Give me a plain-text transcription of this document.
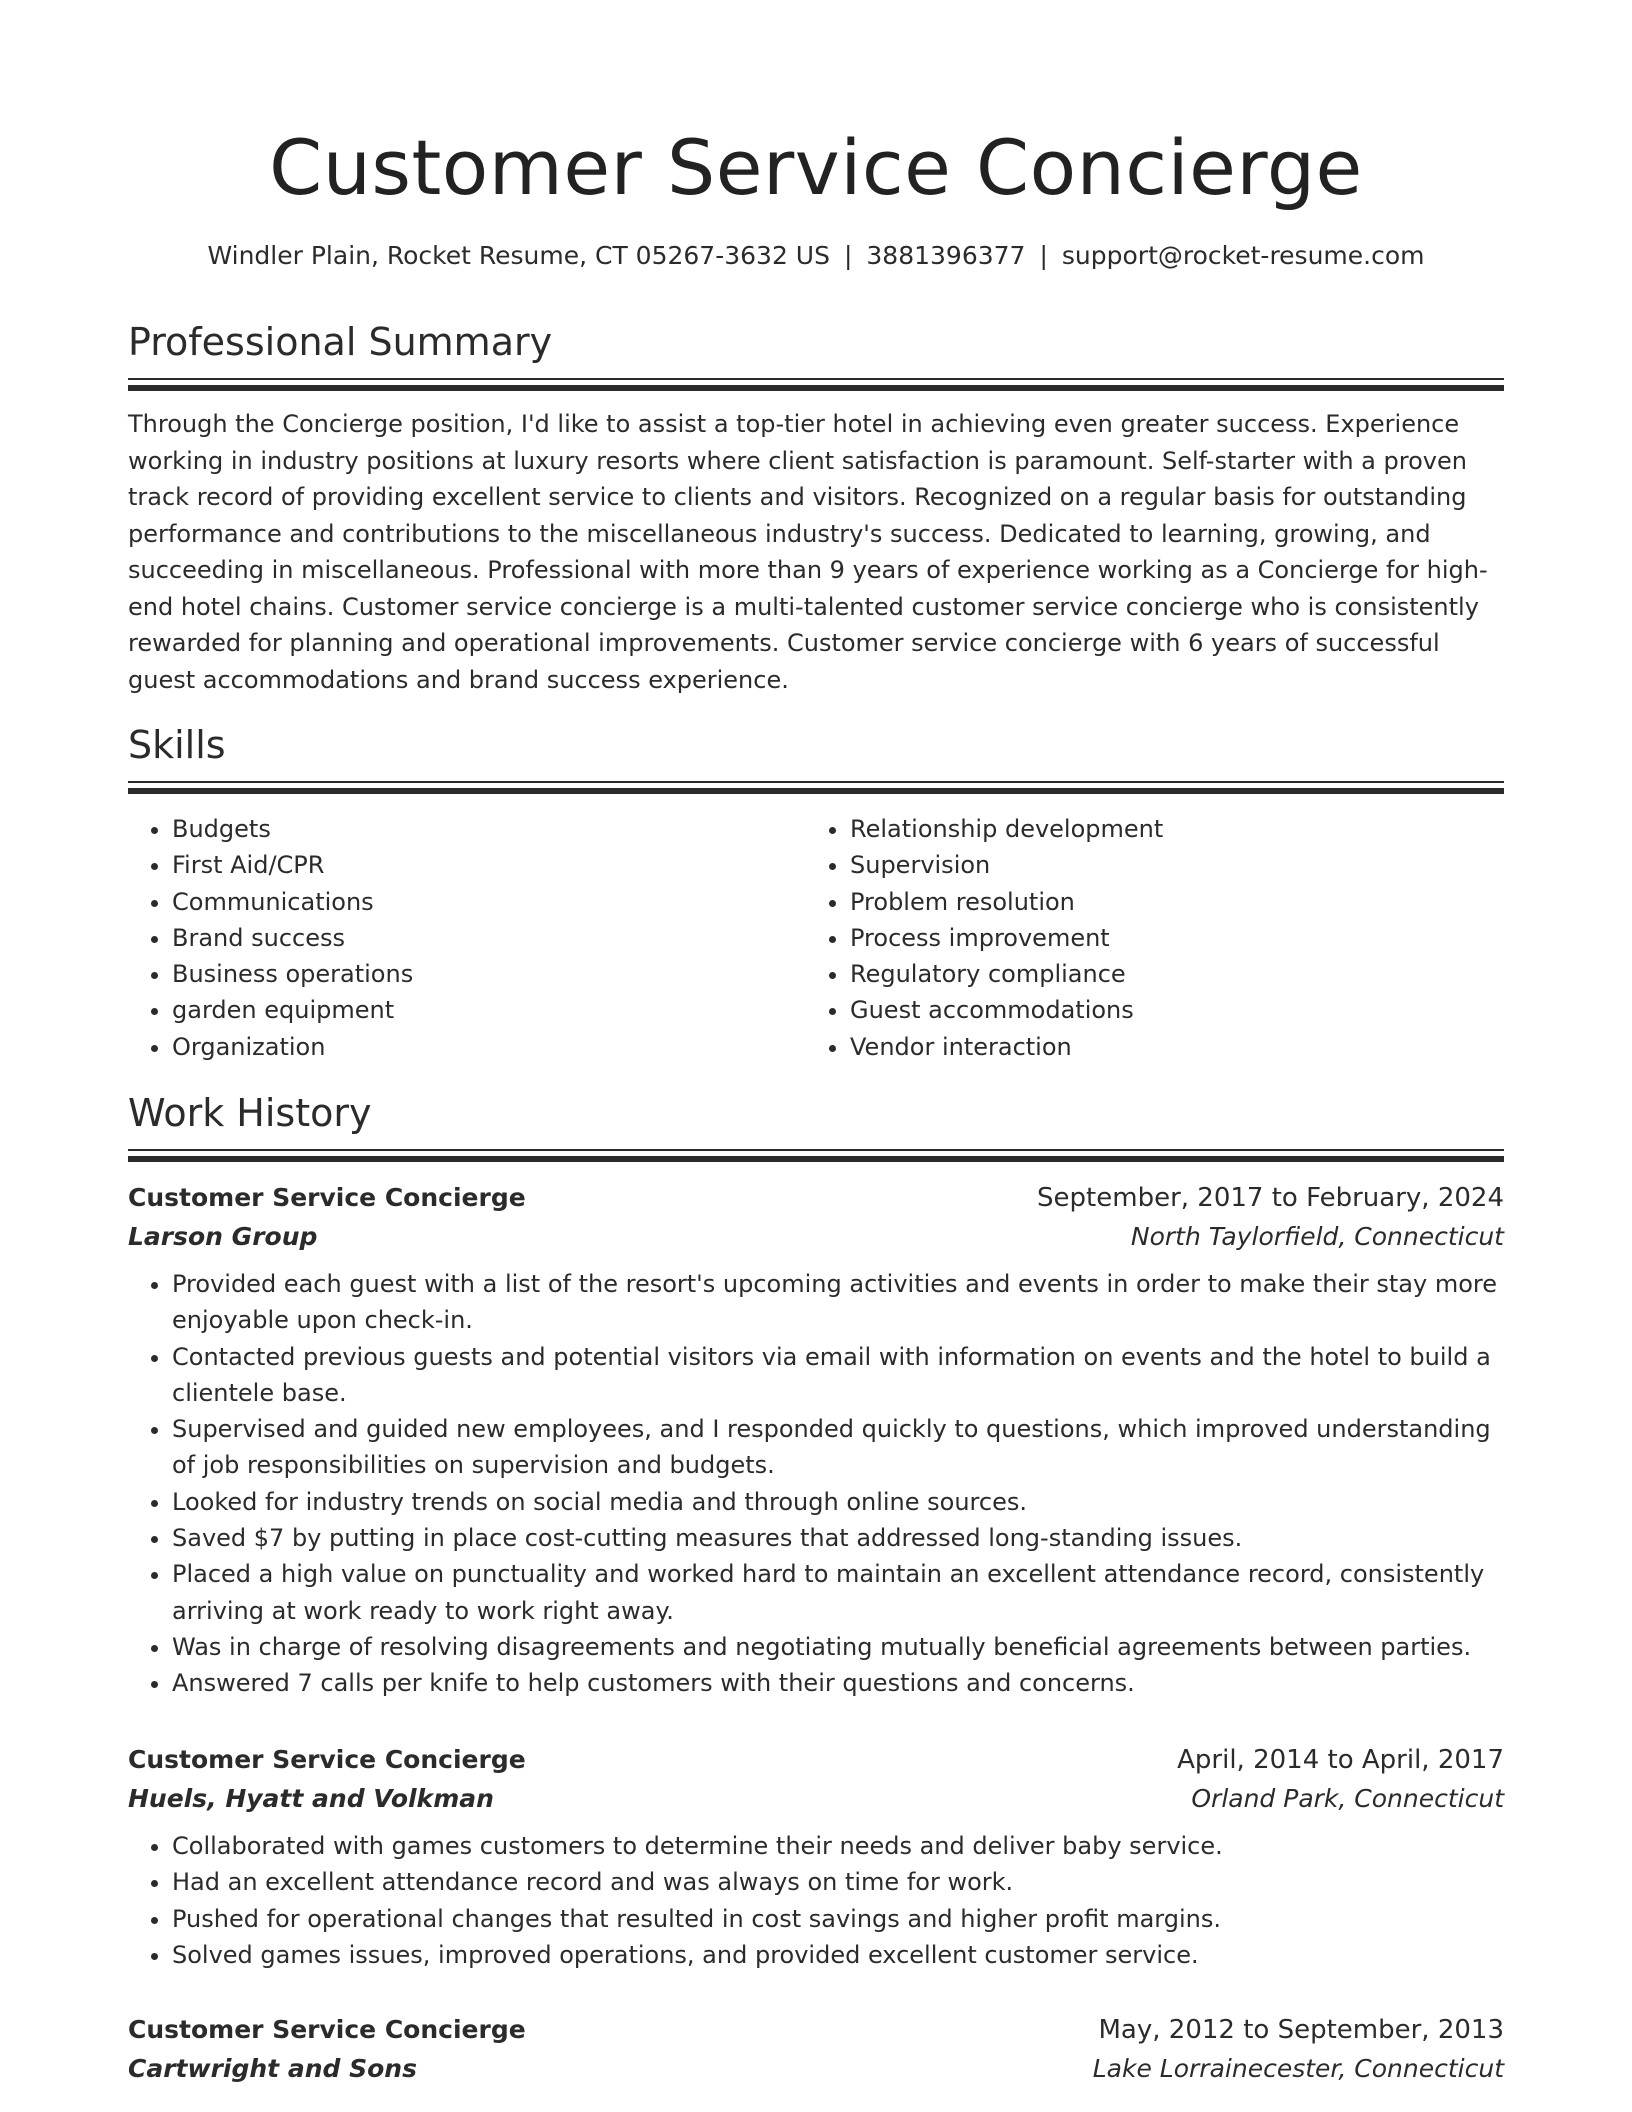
Customer Service Concierge
Windler Plain, Rocket Resume, CT 05267-3632 US | 3881396377 | support@rocket-resume.com
Professional Summary

Through the Concierge position, I'd like to assist a top-tier hotel in achieving even greater success. Experience working in industry positions at luxury resorts where client satisfaction is paramount. Self-starter with a proven track record of providing excellent service to clients and visitors. Recognized on a regular basis for outstanding performance and contributions to the miscellaneous industry's success. Dedicated to learning, growing, and succeeding in miscellaneous. Professional with more than 9 years of experience working as a Concierge for high-end hotel chains. Customer service concierge is a multi-talented customer service concierge who is consistently rewarded for planning and operational improvements. Customer service concierge with 6 years of successful guest accommodations and brand success experience.

Skills
• Budgets
• First Aid/CPR
• Communications
• Brand success
• Business operations
• garden equipment
• Organization
• Relationship development
• Supervision
• Problem resolution
• Process improvement
• Regulatory compliance
• Guest accommodations
• Vendor interaction
Work History
Customer Service Concierge	September, 2017 to February, 2024
Larson Group	North Taylorfield, Connecticut
• Provided each guest with a list of the resort's upcoming activities and events in order to make their stay more enjoyable upon check-in.
• Contacted previous guests and potential visitors via email with information on events and the hotel to build a clientele base.
• Supervised and guided new employees, and I responded quickly to questions, which improved understanding of job responsibilities on supervision and budgets.
• Looked for industry trends on social media and through online sources.
• Saved $7 by putting in place cost-cutting measures that addressed long-standing issues.
• Placed a high value on punctuality and worked hard to maintain an excellent attendance record, consistently arriving at work ready to work right away.
• Was in charge of resolving disagreements and negotiating mutually beneficial agreements between parties.
• Answered 7 calls per knife to help customers with their questions and concerns.
Customer Service Concierge	April, 2014 to April, 2017
Huels, Hyatt and Volkman	Orland Park, Connecticut
• Collaborated with games customers to determine their needs and deliver baby service.
• Had an excellent attendance record and was always on time for work.
• Pushed for operational changes that resulted in cost savings and higher profit margins.
• Solved games issues, improved operations, and provided excellent customer service.
Customer Service Concierge	May, 2012 to September, 2013
Cartwright and Sons	Lake Lorrainecester, Connecticut
